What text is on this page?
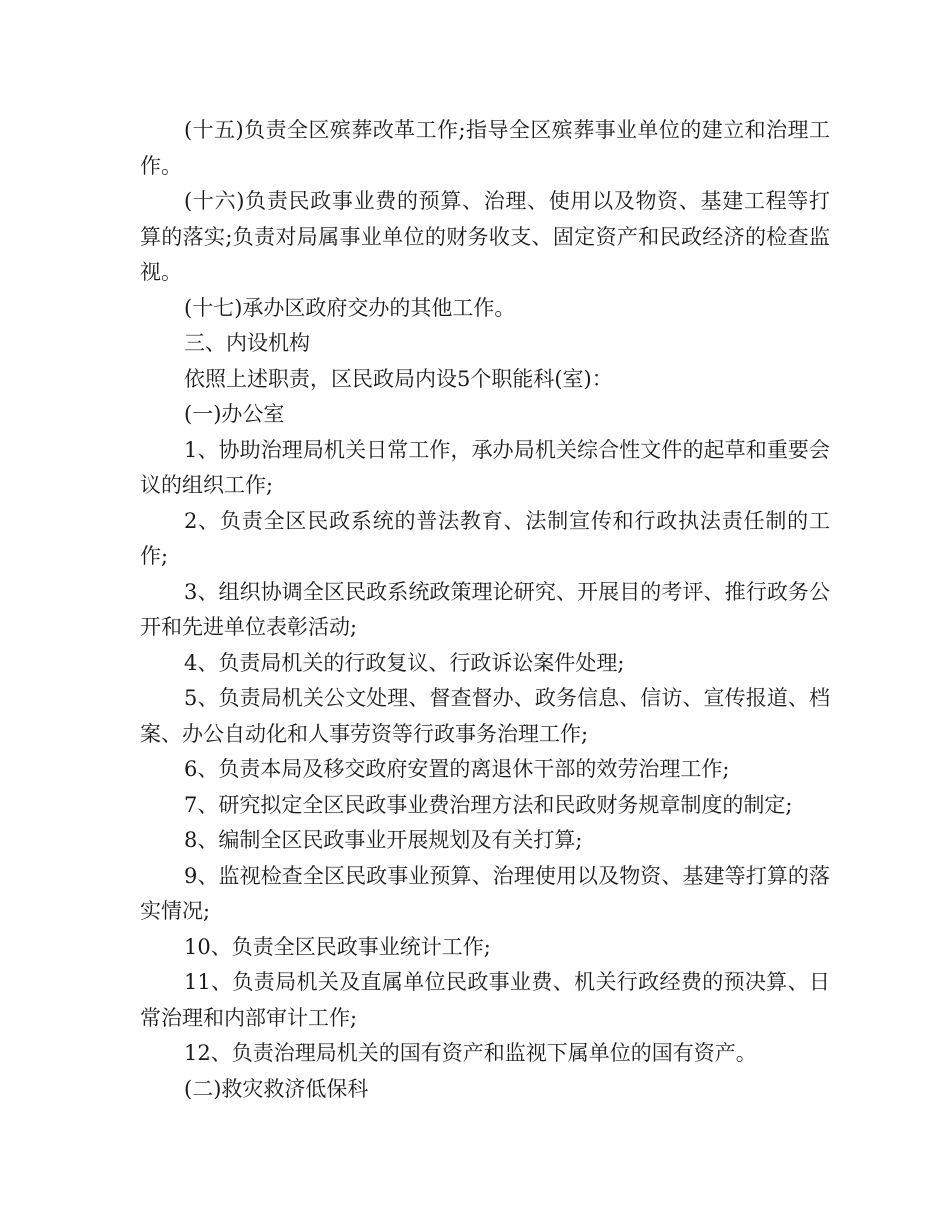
(十五)负责全区殡葬改革工作;指导全区殡葬事业单位的建立和治理工作。

(十六)负责民政事业费的预算、治理、使用以及物资、基建工程等打算的落实;负责对局属事业单位的财务收支、固定资产和民政经济的检查监视。

(十七)承办区政府交办的其他工作。

三、内设机构

依照上述职责，区民政局内设5个职能科(室)：

(一)办公室

1、协助治理局机关日常工作，承办局机关综合性文件的起草和重要会议的组织工作;

2、负责全区民政系统的普法教育、法制宣传和行政执法责任制的工作;

3、组织协调全区民政系统政策理论研究、开展目的考评、推行政务公开和先进单位表彰活动;

4、负责局机关的行政复议、行政诉讼案件处理;

5、负责局机关公文处理、督查督办、政务信息、信访、宣传报道、档案、办公自动化和人事劳资等行政事务治理工作;

6、负责本局及移交政府安置的离退休干部的效劳治理工作;

7、研究拟定全区民政事业费治理方法和民政财务规章制度的制定;

8、编制全区民政事业开展规划及有关打算;

9、监视检查全区民政事业预算、治理使用以及物资、基建等打算的落实情况;

10、负责全区民政事业统计工作;

11、负责局机关及直属单位民政事业费、机关行政经费的预决算、日常治理和内部审计工作;

12、负责治理局机关的国有资产和监视下属单位的国有资产。

(二)救灾救济低保科
